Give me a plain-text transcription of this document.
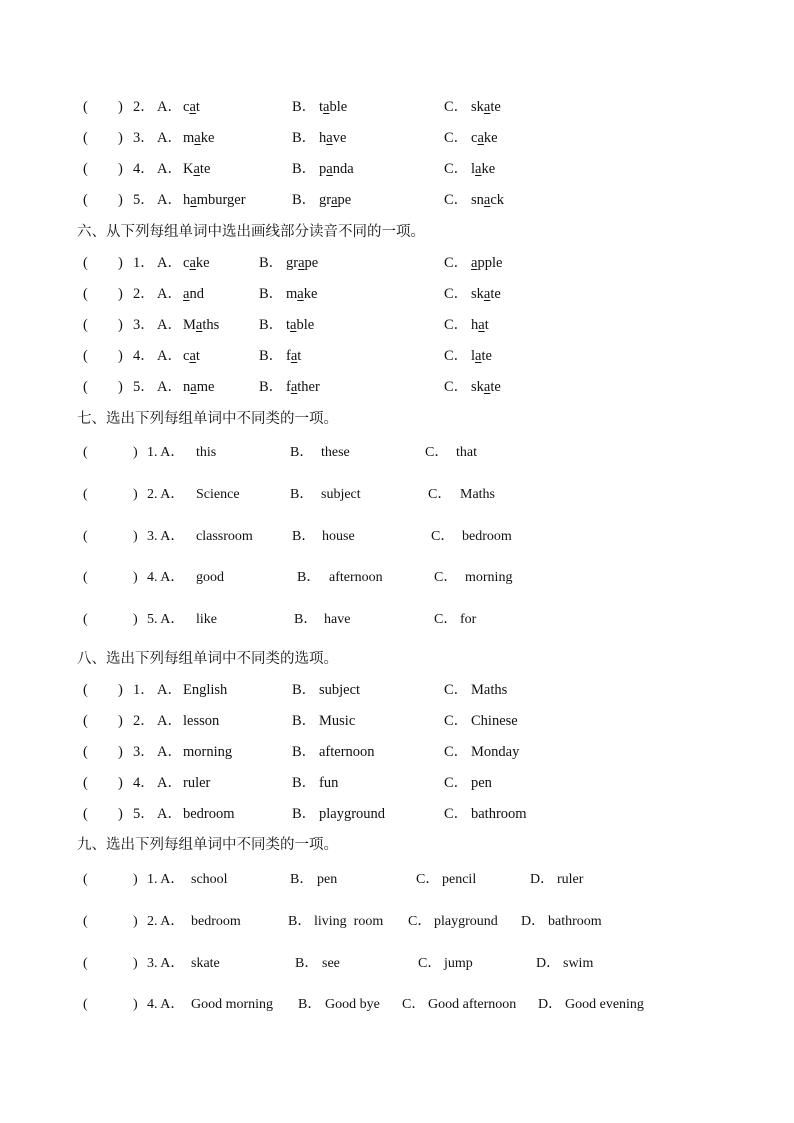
( ) 2． A． cat	B． table	C． skate
( ) 3． A． make	B． have	C． cake
( ) 4． A． Kate	B． panda	C． lake
( ) 5． A． hamburger	B． grape	C． snack
六、从下列每组单词中选出画线部分读音不同的一项。
( ) 1． A． cake	B． grape	C． apple
( ) 2． A． and	B． make	C． skate
( ) 3． A． Maths	B． table	C． hat
( ) 4． A． cat	B． fat	C． late
( ) 5． A． name	B． father	C． skate
七、选出下列每组单词中不同类的一项。
(	) 1. A． this	B． these	C． that
(	) 2. A． Science	B． subject	C． Maths
(	) 3. A． classroom	B． house	C． bedroom
(	) 4. A． good	B． afternoon	C． morning
(	) 5. A． like	B． have	C． for
八、选出下列每组单词中不同类的选项。
( ) 1． A． English	B． subject	C． Maths
( ) 2． A． lesson	B． Music	C． Chinese
( ) 3． A． morning	B． afternoon	C． Monday
( ) 4． A． ruler	B． fun	C． pen
( ) 5． A． bedroom	B． playground	C． bathroom
九、选出下列每组单词中不同类的一项。
(	) 1. A． school	B． pen	C． pencil	D． ruler
(	) 2. A． bedroom	B． living  room C． playground D． bathroom
(	) 3. A． skate	B． see	C． jump	D． swim
(	) 4. A． Good morning B． Good bye C． Good afternoon D． Good evening
